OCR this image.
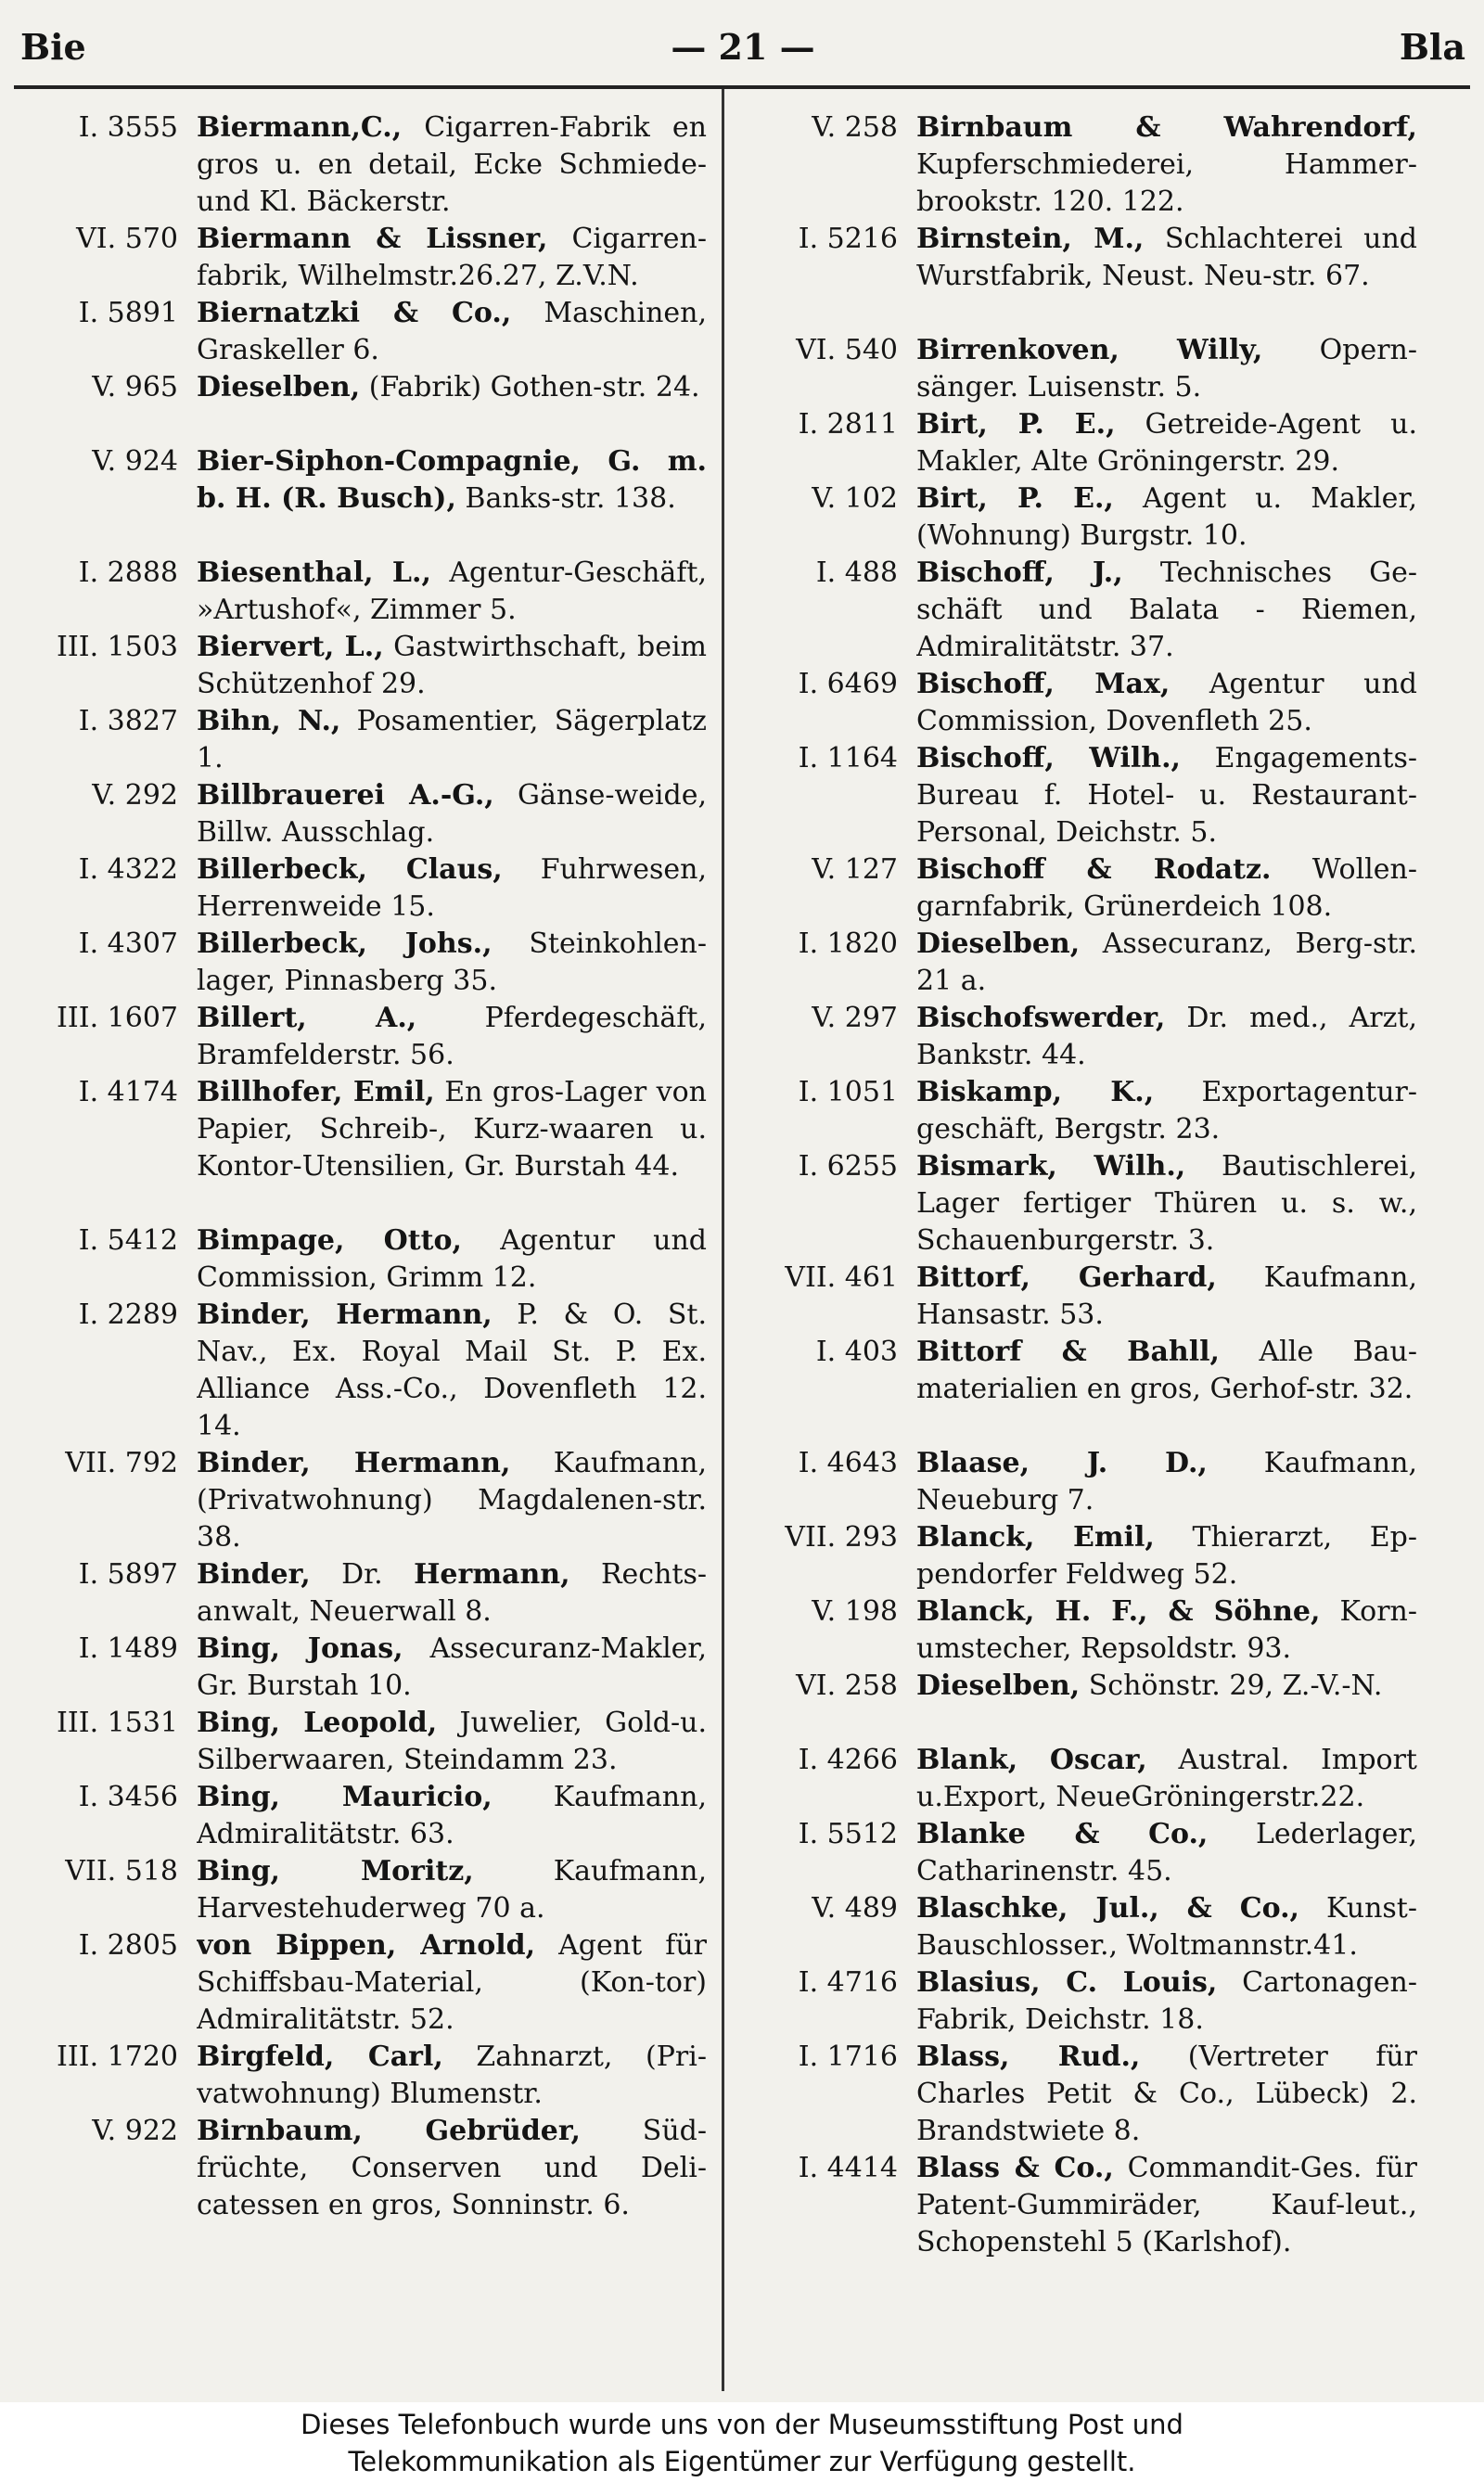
Bie	— 21 —	Bla
I. 3555 Biermann,C., Cigarren-Fabrik en gros u. en detail, Ecke Schmiede- und Kl. Bäckerstr.
VI. 570 Biermann & Lissner, Cigarren-fabrik, Wilhelmstr.26.27, Z.V.N.
I. 5891 Biernatzki & Co., Maschinen, Graskeller 6.
V. 965 Dieselben, (Fabrik) Gothen-str. 24.
V. 924 Bier-Siphon-Compagnie, G. m. b. H. (R. Busch), Banks-str. 138.
I. 2888 Biesenthal, L., Agentur-Geschäft, »Artushof«, Zimmer 5.
III. 1503 Biervert, L., Gastwirthschaft, beim Schützenhof 29.
I. 3827 Bihn, N., Posamentier, Sägerplatz 1.
V. 292 Billbrauerei A.-G., Gänse-weide, Billw. Ausschlag.
I. 4322 Billerbeck, Claus, Fuhrwesen, Herrenweide 15.
I. 4307 Billerbeck, Johs., Steinkohlen-lager, Pinnasberg 35.
III. 1607 Billert, A., Pferdegeschäft, Bramfelderstr. 56.
I. 4174 Billhofer, Emil, En gros-Lager von Papier, Schreib-, Kurz-waaren u. Kontor-Utensilien, Gr. Burstah 44.
I. 5412 Bimpage, Otto, Agentur und Commission, Grimm 12.
I. 2289 Binder, Hermann, P. & O. St. Nav., Ex. Royal Mail St. P. Ex. Alliance Ass.-Co., Dovenfleth 12. 14.
VII. 792 Binder, Hermann, Kaufmann, (Privatwohnung) Magdalenen-str. 38.
I. 5897 Binder, Dr. Hermann, Rechts-anwalt, Neuerwall 8.
I. 1489 Bing, Jonas, Assecuranz-Makler, Gr. Burstah 10.
III. 1531 Bing, Leopold, Juwelier, Gold-u. Silberwaaren, Steindamm 23.
I. 3456 Bing, Mauricio, Kaufmann, Admiralitätstr. 63.
VII. 518 Bing, Moritz, Kaufmann, Harvestehuderweg 70 a.
I. 2805 von Bippen, Arnold, Agent für Schiffsbau-Material, (Kon-tor) Admiralitätstr. 52.
III. 1720 Birgfeld, Carl, Zahnarzt, (Pri-vatwohnung) Blumenstr.
V. 922 Birnbaum, Gebrüder, Süd-früchte, Conserven und Deli-catessen en gros, Sonninstr. 6.
V. 258 Birnbaum & Wahrendorf, Kupferschmiederei, Hammer-brookstr. 120. 122.
I. 5216 Birnstein, M., Schlachterei und Wurstfabrik, Neust. Neu-str. 67.
VI. 540 Birrenkoven, Willy, Opern-sänger. Luisenstr. 5.
I. 2811 Birt, P. E., Getreide-Agent u. Makler, Alte Gröningerstr. 29.
V. 102 Birt, P. E., Agent u. Makler, (Wohnung) Burgstr. 10.
I. 488 Bischoff, J., Technisches Ge-schäft und Balata - Riemen, Admiralitätstr. 37.
I. 6469 Bischoff, Max, Agentur und Commission, Dovenfleth 25.
I. 1164 Bischoff, Wilh., Engagements-Bureau f. Hotel- u. Restaurant-Personal, Deichstr. 5.
V. 127 Bischoff & Rodatz. Wollen-garnfabrik, Grünerdeich 108.
I. 1820 Dieselben, Assecuranz, Berg-str. 21 a.
V. 297 Bischofswerder, Dr. med., Arzt, Bankstr. 44.
I. 1051 Biskamp, K., Exportagentur-geschäft, Bergstr. 23.
I. 6255 Bismark, Wilh., Bautischlerei, Lager fertiger Thüren u. s. w., Schauenburgerstr. 3.
VII. 461 Bittorf, Gerhard, Kaufmann, Hansastr. 53.
I. 403 Bittorf & Bahll, Alle Bau-materialien en gros, Gerhof-str. 32.
I. 4643 Blaase, J. D., Kaufmann, Neueburg 7.
VII. 293 Blanck, Emil, Thierarzt, Ep-pendorfer Feldweg 52.
V. 198 Blanck, H. F., & Söhne, Korn-umstecher, Repsoldstr. 93.
VI. 258 Dieselben, Schönstr. 29, Z.-V.-N.
I. 4266 Blank, Oscar, Austral. Import u.Export, NeueGröningerstr.22.
I. 5512 Blanke & Co., Lederlager, Catharinenstr. 45.
V. 489 Blaschke, Jul., & Co., Kunst-Bauschlosser., Woltmannstr.41.
I. 4716 Blasius, C. Louis, Cartonagen-Fabrik, Deichstr. 18.
I. 1716 Blass, Rud., (Vertreter für Charles Petit & Co., Lübeck) 2. Brandstwiete 8.
I. 4414 Blass & Co., Commandit-Ges. für Patent-Gummiräder, Kauf-leut., Schopenstehl 5 (Karlshof).
Dieses Telefonbuch wurde uns von der Museumsstiftung Post und
Telekommunikation als Eigentümer zur Verfügung gestellt.
